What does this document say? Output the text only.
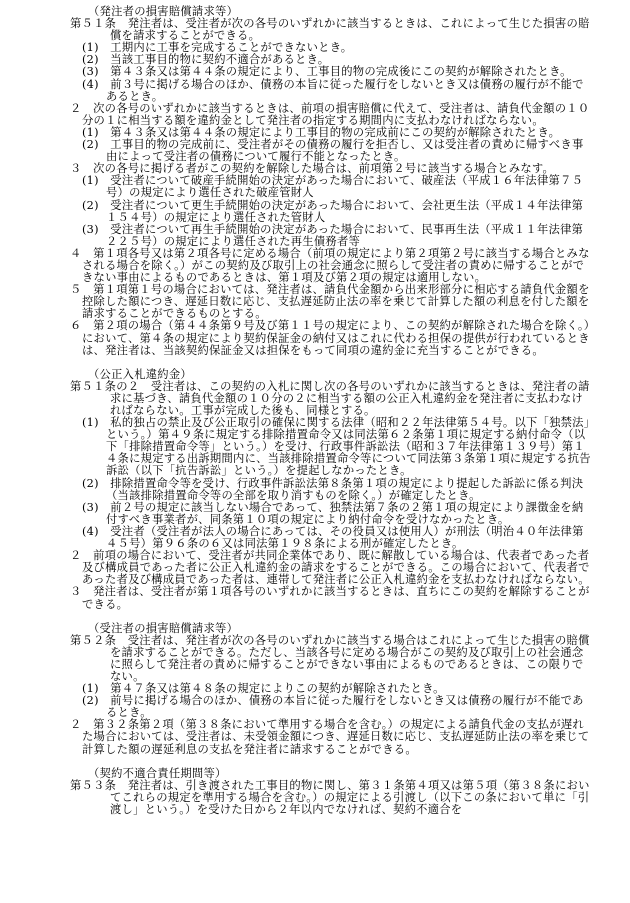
（発注者の損害賠償請求等）
第５１条　発注者は、受注者が次の各号のいずれかに該当するときは、これによって生じた損害の賠償を請求することができる。
(1)　工期内に工事を完成することができないとき。
(2)　当該工事目的物に契約不適合があるとき。
(3)　第４３条又は第４４条の規定により、工事目的物の完成後にこの契約が解除されたとき。
(4)　前３号に掲げる場合のほか、債務の本旨に従った履行をしないとき又は債務の履行が不能であるとき。
２　次の各号のいずれかに該当するときは、前項の損害賠償に代えて、受注者は、請負代金額の１０分の１に相当する額を違約金として発注者の指定する期間内に支払わなければならない。
(1)　第４３条又は第４４条の規定により工事目的物の完成前にこの契約が解除されたとき。
(2)　工事目的物の完成前に、受注者がその債務の履行を拒否し、又は受注者の責めに帰すべき事由によって受注者の債務について履行不能となったとき。
３　次の各号に掲げる者がこの契約を解除した場合は、前項第２号に該当する場合とみなす。
(1)　受注者について破産手続開始の決定があった場合において、破産法（平成１６年法律第７５号）の規定により選任された破産管財人
(2)　受注者について更生手続開始の決定があった場合において、会社更生法（平成１４年法律第１５４号）の規定により選任された管財人
(3)　受注者について再生手続開始の決定があった場合において、民事再生法（平成１１年法律第２２５号）の規定により選任された再生債務者等
４　第１項各号又は第２項各号に定める場合（前項の規定により第２項第２号に該当する場合とみなされる場合を除く。）がこの契約及び取引上の社会通念に照らして受注者の責めに帰することができない事由によるものであるときは、第１項及び第２項の規定は適用しない。
５　第１項第１号の場合においては、発注者は、請負代金額から出来形部分に相応する請負代金額を控除した額につき、遅延日数に応じ、支払遅延防止法の率を乗じて計算した額の利息を付した額を請求することができるものとする。
６　第２項の場合（第４４条第９号及び第１１号の規定により、この契約が解除された場合を除く。）において、第４条の規定により契約保証金の納付又はこれに代わる担保の提供が行われているときは、発注者は、当該契約保証金又は担保をもって同項の違約金に充当することができる。
（公正入札違約金）
第５１条の２　受注者は、この契約の入札に関し次の各号のいずれかに該当するときは、発注者の請求に基づき、請負代金額の１０分の２に相当する額の公正入札違約金を発注者に支払わなければならない。工事が完成した後も、同様とする。
(1)　私的独占の禁止及び公正取引の確保に関する法律（昭和２２年法律第５４号。以下「独禁法」という。）第４９条に規定する排除措置命令又は同法第６２条第１項に規定する納付命令（以下「排除措置命令等」という。）を受け、行政事件訴訟法（昭和３７年法律第１３９号）第１４条に規定する出訴期間内に、当該排除措置命令等について同法第３条第１項に規定する抗告訴訟（以下「抗告訴訟」という。）を提起しなかったとき。
(2)　排除措置命令等を受け、行政事件訴訟法第８条第１項の規定により提起した訴訟に係る判決（当該排除措置命令等の全部を取り消すものを除く。）が確定したとき。
(3)　前２号の規定に該当しない場合であって、独禁法第７条の２第１項の規定により課徴金を納付すべき事業者が、同条第１０項の規定により納付命令を受けなかったとき。
(4)　受注者（受注者が法人の場合にあっては、その役員又は使用人）が刑法（明治４０年法律第４５号）第９６条の６又は同法第１９８条による刑が確定したとき。
２　前項の場合において、受注者が共同企業体であり、既に解散している場合は、代表者であった者及び構成員であった者に公正入札違約金の請求をすることができる。この場合において、代表者であった者及び構成員であった者は、連帯して発注者に公正入札違約金を支払わなければならない。
３　発注者は、受注者が第１項各号のいずれかに該当するときは、直ちにこの契約を解除することができる。
（受注者の損害賠償請求等）
第５２条　受注者は、発注者が次の各号のいずれかに該当する場合はこれによって生じた損害の賠償を請求することができる。ただし、当該各号に定める場合がこの契約及び取引上の社会通念に照らして発注者の責めに帰することができない事由によるものであるときは、この限りでない。
(1)　第４７条又は第４８条の規定によりこの契約が解除されたとき。
(2)　前号に掲げる場合のほか、債務の本旨に従った履行をしないとき又は債務の履行が不能であるとき。
２　第３２条第２項（第３８条において準用する場合を含む。）の規定による請負代金の支払が遅れた場合においては、受注者は、未受領金額につき、遅延日数に応じ、支払遅延防止法の率を乗じて計算した額の遅延利息の支払を発注者に請求することができる。
（契約不適合責任期間等）
第５３条　発注者は、引き渡された工事目的物に関し、第３１条第４項又は第５項（第３８条においてこれらの規定を準用する場合を含む。）の規定による引渡し（以下この条において単に「引渡し」という。）を受けた日から２年以内でなければ、契約不適合を
